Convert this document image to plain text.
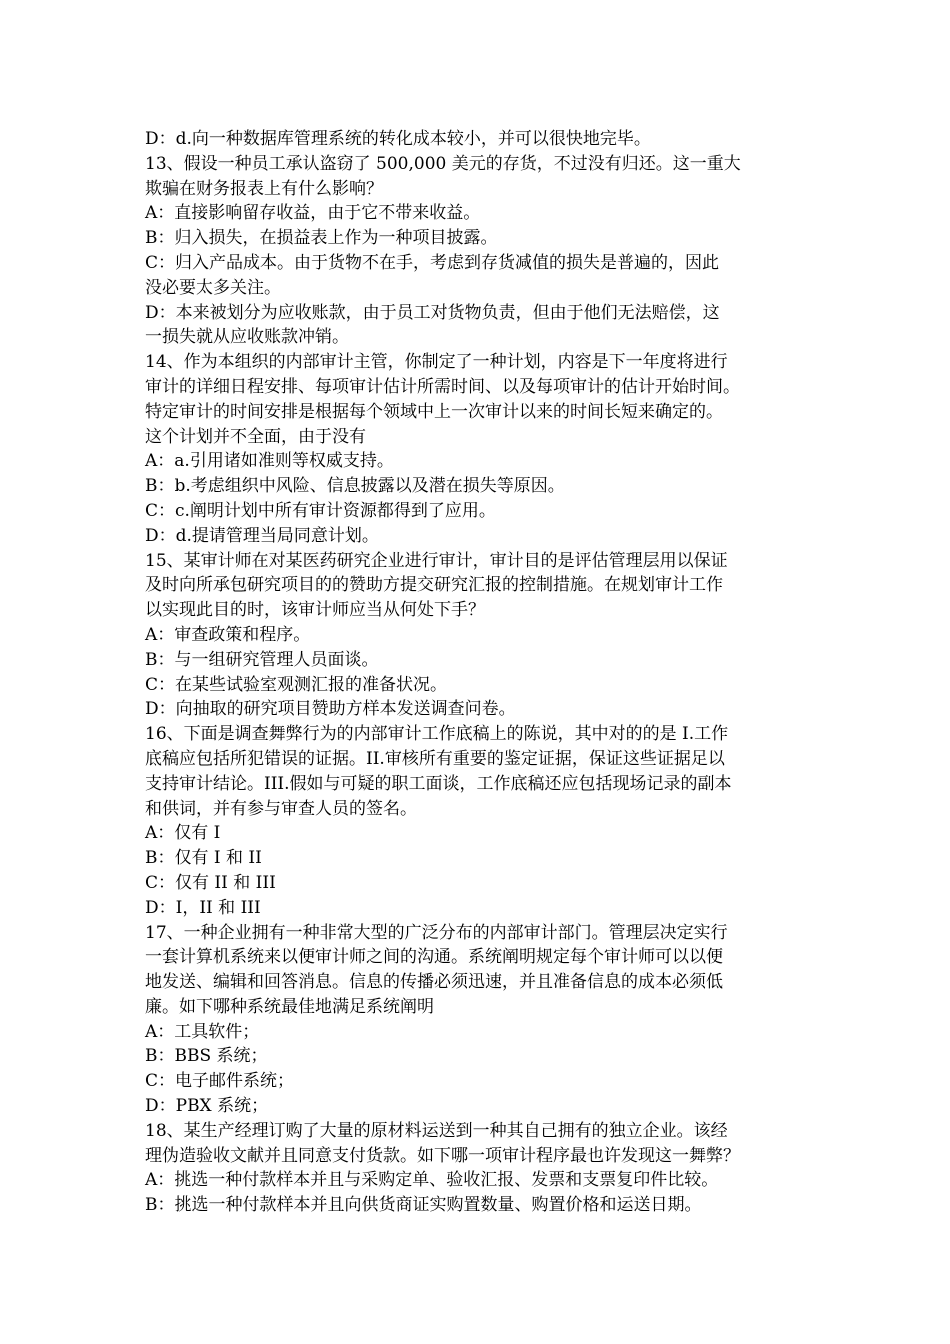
D：d.向一种数据库管理系统的转化成本较小，并可以很快地完毕。
13、假设一种员工承认盗窃了 500,000 美元的存货，不过没有归还。这一重大
欺骗在财务报表上有什么影响？
A：直接影响留存收益，由于它不带来收益。
B：归入损失，在损益表上作为一种项目披露。
C：归入产品成本。由于货物不在手，考虑到存货减值的损失是普遍的，因此
没必要太多关注。
D：本来被划分为应收账款，由于员工对货物负责，但由于他们无法赔偿，这
一损失就从应收账款冲销。
14、作为本组织的内部审计主管，你制定了一种计划，内容是下一年度将进行
审计的详细日程安排、每项审计估计所需时间、以及每项审计的估计开始时间。
特定审计的时间安排是根据每个领域中上一次审计以来的时间长短来确定的。
这个计划并不全面，由于没有
A：a.引用诸如准则等权威支持。
B：b.考虑组织中风险、信息披露以及潜在损失等原因。
C：c.阐明计划中所有审计资源都得到了应用。
D：d.提请管理当局同意计划。
15、某审计师在对某医药研究企业进行审计，审计目的是评估管理层用以保证
及时向所承包研究项目的的赞助方提交研究汇报的控制措施。在规划审计工作
以实现此目的时，该审计师应当从何处下手？
A：审查政策和程序。
B：与一组研究管理人员面谈。
C：在某些试验室观测汇报的准备状况。
D：向抽取的研究项目赞助方样本发送调查问卷。
16、下面是调查舞弊行为的内部审计工作底稿上的陈说，其中对的的是 I.工作
底稿应包括所犯错误的证据。II.审核所有重要的鉴定证据，保证这些证据足以
支持审计结论。III.假如与可疑的职工面谈，工作底稿还应包括现场记录的副本
和供词，并有参与审查人员的签名。
A：仅有 I
B：仅有 I 和 II
C：仅有 II 和 III
D：I，II 和 III
17、一种企业拥有一种非常大型的广泛分布的内部审计部门。管理层决定实行
一套计算机系统来以便审计师之间的沟通。系统阐明规定每个审计师可以以便
地发送、编辑和回答消息。信息的传播必须迅速，并且准备信息的成本必须低
廉。如下哪种系统最佳地满足系统阐明
A：工具软件；
B：BBS 系统；
C：电子邮件系统；
D：PBX 系统；
18、某生产经理订购了大量的原材料运送到一种其自己拥有的独立企业。该经
理伪造验收文献并且同意支付货款。如下哪一项审计程序最也许发现这一舞弊？
A：挑选一种付款样本并且与采购定单、验收汇报、发票和支票复印件比较。
B：挑选一种付款样本并且向供货商证实购置数量、购置价格和运送日期。
